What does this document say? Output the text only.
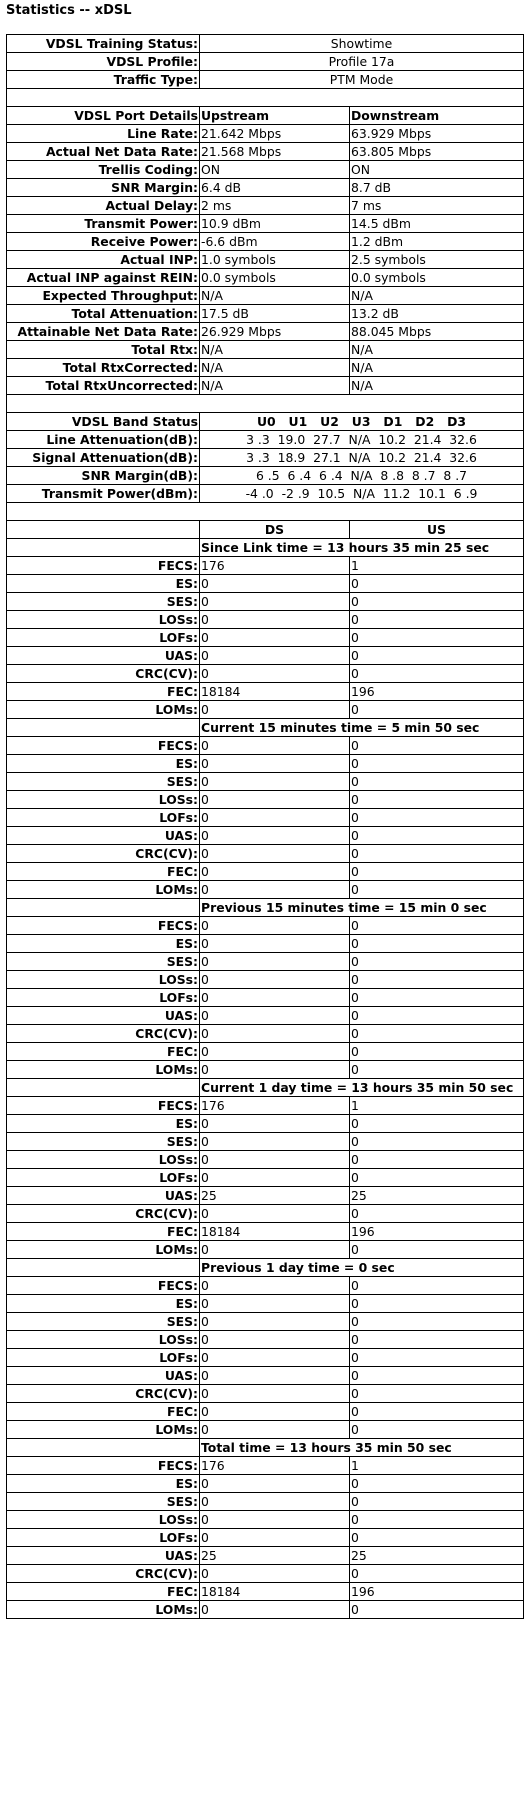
Statistics -- xDSL
VDSL Training Status:	Showtime	
VDSL Profile:	Profile 17a	
Traffic Type:	PTM Mode	

VDSL Port Details	Upstream	Downstream
Line Rate:	21.642 Mbps	63.929 Mbps
Actual Net Data Rate:	21.568 Mbps	63.805 Mbps
Trellis Coding:	ON	ON
SNR Margin:	6.4 dB	8.7 dB
Actual Delay:	2 ms	7 ms
Transmit Power:	10.9 dBm	14.5 dBm
Receive Power:	-6.6 dBm	1.2 dBm
Actual INP:	1.0 symbols	2.5 symbols
Actual INP against REIN:	0.0 symbols	0.0 symbols
Expected Throughput:	N/A	N/A
Total Attenuation:	17.5 dB	13.2 dB
Attainable Net Data Rate:	26.929 Mbps	88.045 Mbps
Total Rtx:	N/A	N/A
Total RtxCorrected:	N/A	N/A
Total RtxUncorrected:	N/A	N/A

VDSL Band Status	U0   U1   U2   U3   D1   D2   D3	
Line Attenuation(dB):	3 .3  19.0  27.7  N/A  10.2  21.4  32.6	
Signal Attenuation(dB):	3 .3  18.9  27.1  N/A  10.2  21.4  32.6	
SNR Margin(dB):	6 .5  6 .4  6 .4  N/A  8 .8  8 .7  8 .7	
Transmit Power(dBm):	-4 .0  -2 .9  10.5  N/A  11.2  10.1  6 .9	

	DS	US
	Since Link time = 13 hours 35 min 25 sec	
FECS:	176	1
ES:	0	0
SES:	0	0
LOSs:	0	0
LOFs:	0	0
UAS:	0	0
CRC(CV):	0	0
FEC:	18184	196
LOMs:	0	0
	Current 15 minutes time = 5 min 50 sec	
FECS:	0	0
ES:	0	0
SES:	0	0
LOSs:	0	0
LOFs:	0	0
UAS:	0	0
CRC(CV):	0	0
FEC:	0	0
LOMs:	0	0
	Previous 15 minutes time = 15 min 0 sec	
FECS:	0	0
ES:	0	0
SES:	0	0
LOSs:	0	0
LOFs:	0	0
UAS:	0	0
CRC(CV):	0	0
FEC:	0	0
LOMs:	0	0
	Current 1 day time = 13 hours 35 min 50 sec	
FECS:	176	1
ES:	0	0
SES:	0	0
LOSs:	0	0
LOFs:	0	0
UAS:	25	25
CRC(CV):	0	0
FEC:	18184	196
LOMs:	0	0
	Previous 1 day time = 0 sec	
FECS:	0	0
ES:	0	0
SES:	0	0
LOSs:	0	0
LOFs:	0	0
UAS:	0	0
CRC(CV):	0	0
FEC:	0	0
LOMs:	0	0
	Total time = 13 hours 35 min 50 sec	
FECS:	176	1
ES:	0	0
SES:	0	0
LOSs:	0	0
LOFs:	0	0
UAS:	25	25
CRC(CV):	0	0
FEC:	18184	196
LOMs:	0	0
